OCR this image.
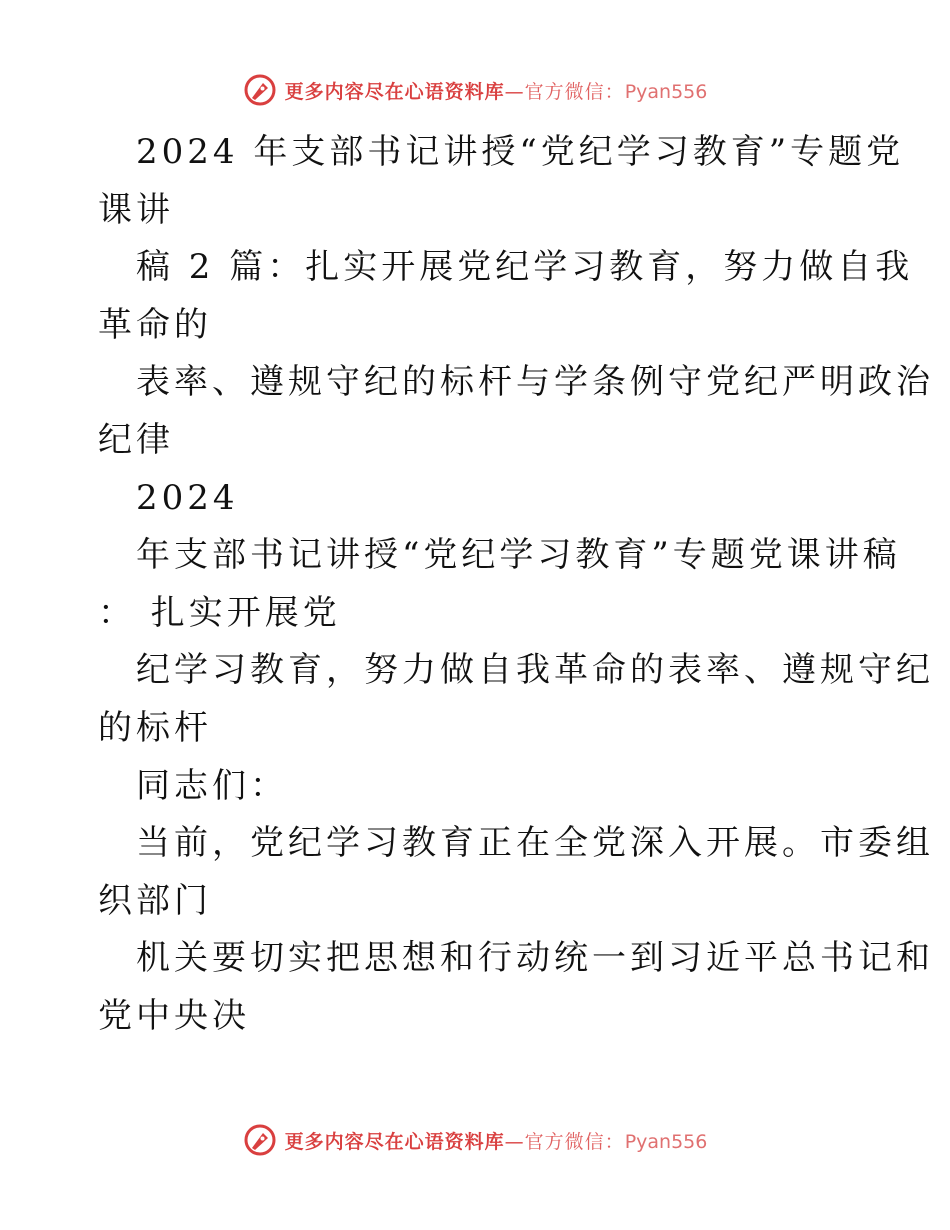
更多内容尽在心语资料库—官方微信：Pyan556
2024 年支部书记讲授“党纪学习教育”专题党
课讲
稿 2 篇：扎实开展党纪学习教育，努力做自我
革命的
表率、遵规守纪的标杆与学条例守党纪严明政治
纪律
2024
年支部书记讲授“党纪学习教育”专题党课讲稿
： 扎实开展党
纪学习教育，努力做自我革命的表率、遵规守纪
的标杆
同志们：
当前，党纪学习教育正在全党深入开展。市委组
织部门
机关要切实把思想和行动统一到习近平总书记和
党中央决
更多内容尽在心语资料库—官方微信：Pyan556
